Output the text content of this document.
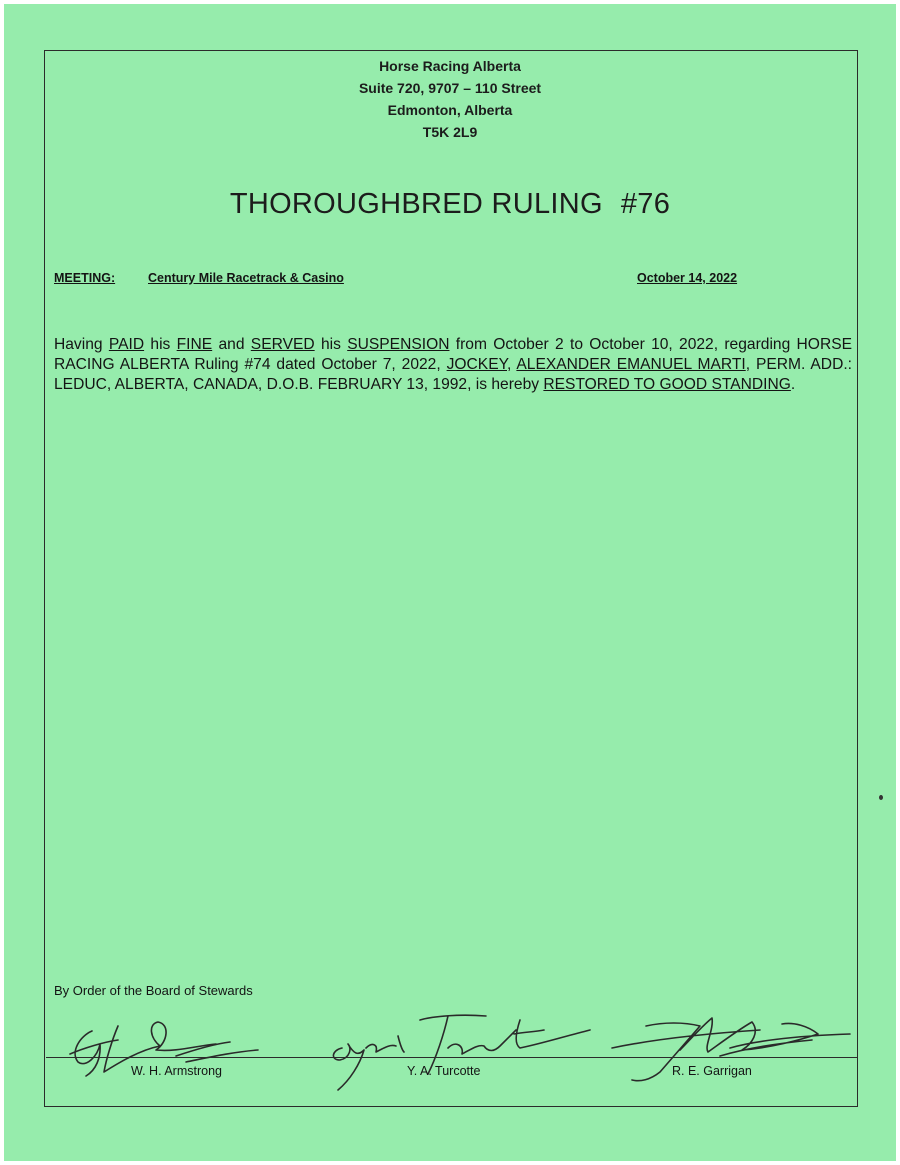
Horse Racing Alberta
Suite 720, 9707 – 110 Street
Edmonton, Alberta
T5K 2L9
THOROUGHBRED RULING #76
MEETING:	Century Mile Racetrack & Casino	October 14, 2022
Having PAID his FINE and SERVED his SUSPENSION from October 2 to October 10, 2022, regarding HORSE RACING ALBERTA Ruling #74 dated October 7, 2022, JOCKEY, ALEXANDER EMANUEL MARTI, PERM. ADD.: LEDUC, ALBERTA, CANADA, D.O.B. FEBRUARY 13, 1992, is hereby RESTORED TO GOOD STANDING.
By Order of the Board of Stewards
W. H. Armstrong	Y. A. Turcotte	R. E. Garrigan
